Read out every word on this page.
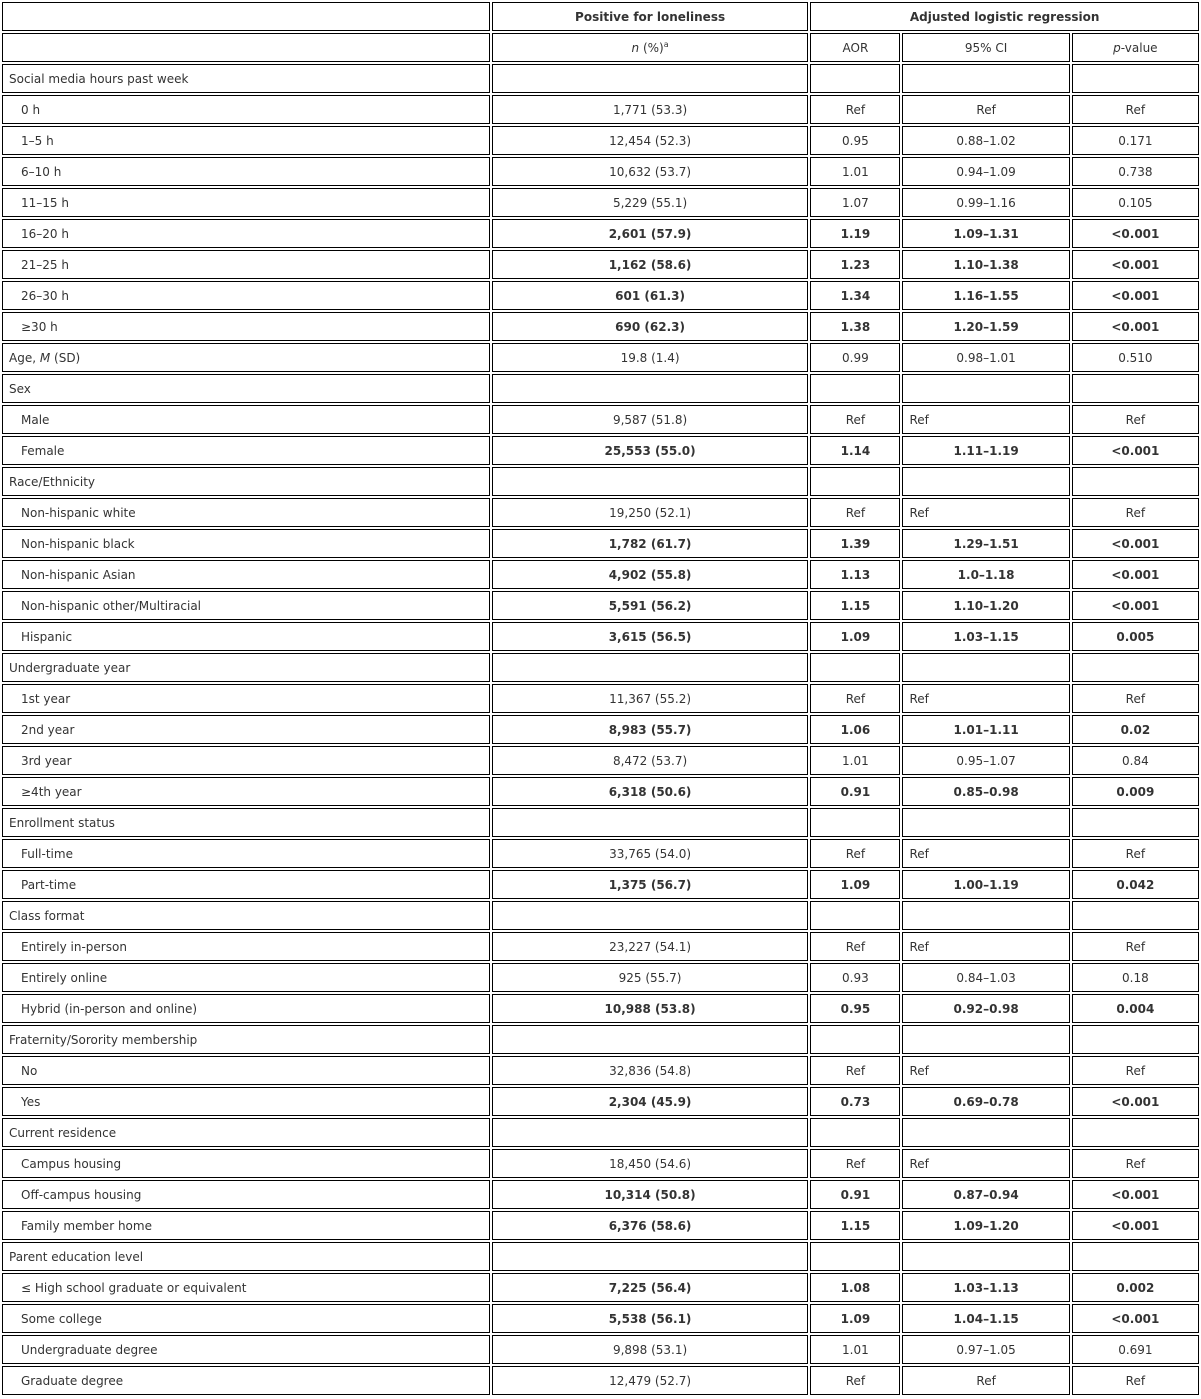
	Positive for loneliness	Adjusted logistic regression		
	n (%)$^a$	AOR	95% CI	p-value
Social media hours past week				
0 h	1,771 (53.3)	Ref	Ref	Ref
1–5 h	12,454 (52.3)	0.95	0.88–1.02	0.171
6–10 h	10,632 (53.7)	1.01	0.94–1.09	0.738
11–15 h	5,229 (55.1)	1.07	0.99–1.16	0.105
16–20 h	2,601 (57.9)	1.19	1.09–1.31	<0.001
21–25 h	1,162 (58.6)	1.23	1.10–1.38	<0.001
26–30 h	601 (61.3)	1.34	1.16–1.55	<0.001
≥30 h	690 (62.3)	1.38	1.20–1.59	<0.001
Age, M (SD)	19.8 (1.4)	0.99	0.98–1.01	0.510
Sex				
Male	9,587 (51.8)	Ref	Ref	Ref
Female	25,553 (55.0)	1.14	1.11–1.19	<0.001
Race/Ethnicity				
Non-hispanic white	19,250 (52.1)	Ref	Ref	Ref
Non-hispanic black	1,782 (61.7)	1.39	1.29–1.51	<0.001
Non-hispanic Asian	4,902 (55.8)	1.13	1.0–1.18	<0.001
Non-hispanic other/Multiracial	5,591 (56.2)	1.15	1.10–1.20	<0.001
Hispanic	3,615 (56.5)	1.09	1.03–1.15	0.005
Undergraduate year				
1st year	11,367 (55.2)	Ref	Ref	Ref
2nd year	8,983 (55.7)	1.06	1.01–1.11	0.02
3rd year	8,472 (53.7)	1.01	0.95–1.07	0.84
≥4th year	6,318 (50.6)	0.91	0.85–0.98	0.009
Enrollment status				
Full-time	33,765 (54.0)	Ref	Ref	Ref
Part-time	1,375 (56.7)	1.09	1.00–1.19	0.042
Class format				
Entirely in-person	23,227 (54.1)	Ref	Ref	Ref
Entirely online	925 (55.7)	0.93	0.84–1.03	0.18
Hybrid (in-person and online)	10,988 (53.8)	0.95	0.92–0.98	0.004
Fraternity/Sorority membership				
No	32,836 (54.8)	Ref	Ref	Ref
Yes	2,304 (45.9)	0.73	0.69–0.78	<0.001
Current residence				
Campus housing	18,450 (54.6)	Ref	Ref	Ref
Off-campus housing	10,314 (50.8)	0.91	0.87–0.94	<0.001
Family member home	6,376 (58.6)	1.15	1.09–1.20	<0.001
Parent education level				
≤ High school graduate or equivalent	7,225 (56.4)	1.08	1.03–1.13	0.002
Some college	5,538 (56.1)	1.09	1.04–1.15	<0.001
Undergraduate degree	9,898 (53.1)	1.01	0.97–1.05	0.691
Graduate degree	12,479 (52.7)	Ref	Ref	Ref
